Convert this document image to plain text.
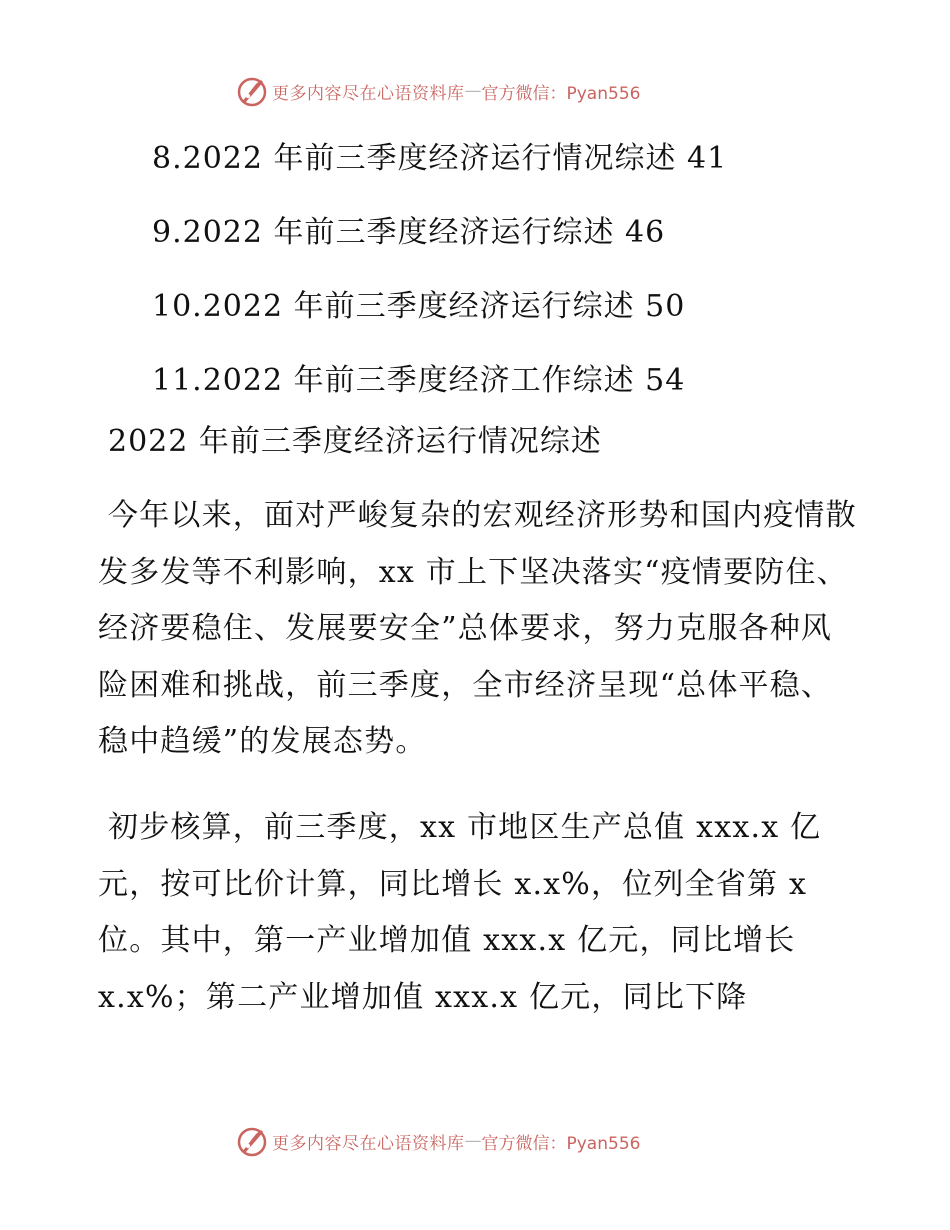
更多内容尽在心语资料库 — 官方微信：Pyan556
8.2022 年前三季度经济运行情况综述 41
9.2022 年前三季度经济运行综述 46
10.2022 年前三季度经济运行综述 50
11.2022 年前三季度经济工作综述 54
2022 年前三季度经济运行情况综述

今年以来，面对严峻复杂的宏观经济形势和国内疫情散发多发等不利影响，xx 市上下坚决落实“疫情要防住、经济要稳住、发展要安全”总体要求，努力克服各种风险困难和挑战，前三季度，全市经济呈现“总体平稳、稳中趋缓”的发展态势。

初步核算，前三季度，xx 市地区生产总值 xxx.x 亿元，按可比价计算，同比增长 x.x%，位列全省第 x 位。其中，第一产业增加值 xxx.x 亿元，同比增长 x.x%；第二产业增加值 xxx.x 亿元，同比下降

更多内容尽在心语资料库 — 官方微信：Pyan556
